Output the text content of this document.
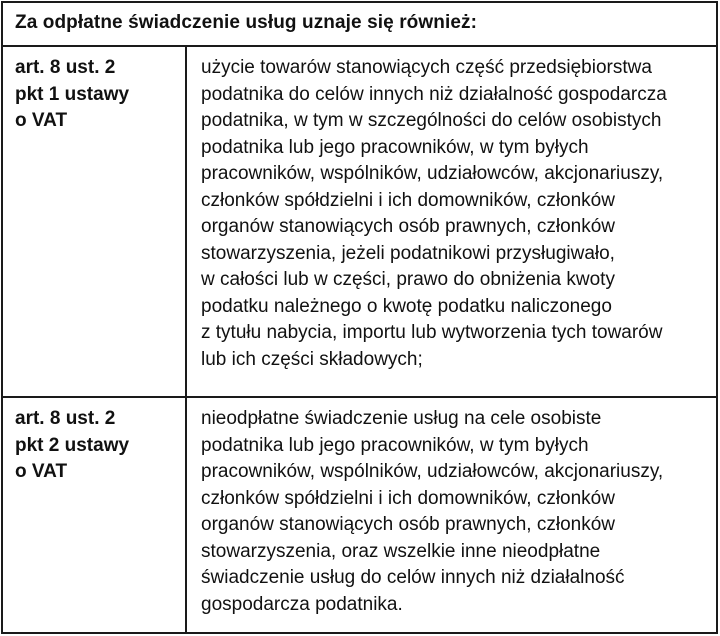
Za odpłatne świadczenie usług uznaje się również:
art. 8 ust. 2
pkt 1 ustawy
o VAT
użycie towarów stanowiących część przedsiębiorstwa
podatnika do celów innych niż działalność gospodarcza
podatnika, w tym w szczególności do celów osobistych
podatnika lub jego pracowników, w tym byłych
pracowników, wspólników, udziałowców, akcjonariuszy,
członków spółdzielni i ich domowników, członków
organów stanowiących osób prawnych, członków
stowarzyszenia, jeżeli podatnikowi przysługiwało,
w całości lub w części, prawo do obniżenia kwoty
podatku należnego o kwotę podatku naliczonego
z tytułu nabycia, importu lub wytworzenia tych towarów
lub ich części składowych;
art. 8 ust. 2
pkt 2 ustawy
o VAT
nieodpłatne świadczenie usług na cele osobiste
podatnika lub jego pracowników, w tym byłych
pracowników, wspólników, udziałowców, akcjonariuszy,
członków spółdzielni i ich domowników, członków
organów stanowiących osób prawnych, członków
stowarzyszenia, oraz wszelkie inne nieodpłatne
świadczenie usług do celów innych niż działalność
gospodarcza podatnika.
